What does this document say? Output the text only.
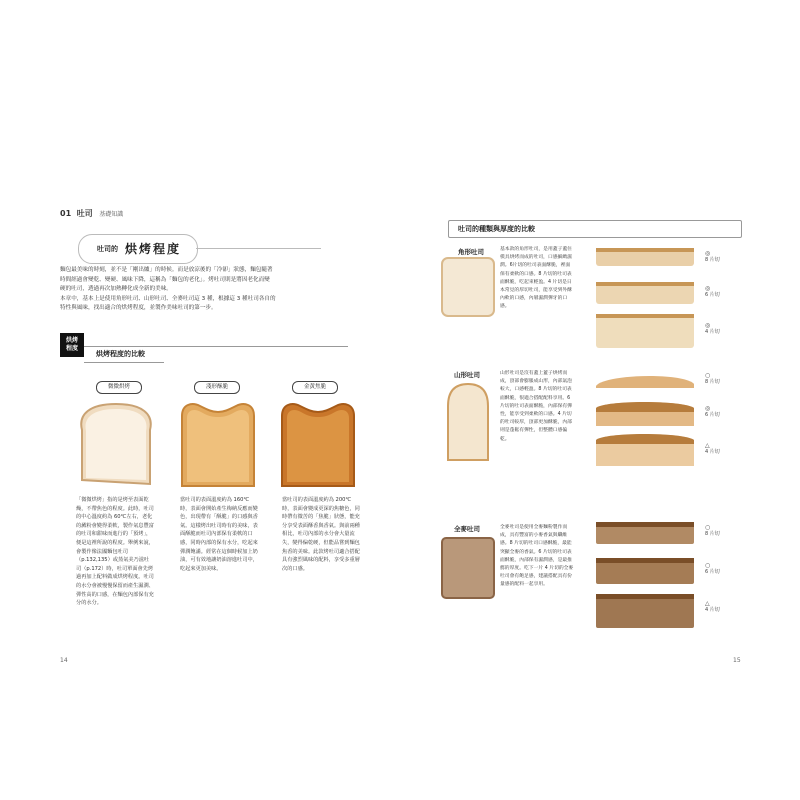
01 吐司 基礎知識
吐司的 烘烤程度
麵包最美味的時刻，並不是「剛出爐」的時候。而是放涼後的「冷卻」狀態，麵包隨著
時間經過會變乾、變硬、風味下降，這稱為「麵包的老化」。烤吐司則是將因老化而變
硬的吐司，透過再次加熱轉化成全新的美味。
本章中，基本上是使用角形吐司、山形吐司、全麥吐司這 3 種，根據這 3 種吐司各自的
特性與風味，找出適合的烘烤程度，並製作美味吐司的第一步。
烘烤程度
烘烤程度的比較
微微烘烤
「微微烘烤」指的是烤至表面乾燥，不帶焦色的程度。此時，吐司的中心溫度約為 60℃左右，老化的澱粉會變得柔軟，製作氣息豐富的吐司和甜味而進行的「預烤」，便是這裡所說的程度。舉例來說，會製作像法國麵包吐司（p.132,135）或蒸氣美乃滋吐司（p.172）時，吐司單面會先烤過再加上配料做成烘烤程度。吐司的水分會被慢慢保留而產生濕潤、彈性高的口感，在麵包內部保有充分的水分。
淺形酥脆
當吐司的表面溫度約為 160℃時，表面會開始產生梅納反應而變色，出現帶有「酥脆」的口感與香氣。這樣烤出吐司時有的美味，表面酥脆而吐司內部保有柔軟的口感，同時內部的保有水分，吃起來彈潤飽滿。經常在這個時候加上奶油，可有效地讓奶油溶進吐司中，吃起來更加美味。
金黃焦脆
當吐司的表面溫度約為 200℃時，表面會變成更深的焦糖色，同時帶有微苦的「焦脆」狀態，能充分享受表面酥香與香氣。與前兩種相比，吐司內部的水分會大量流失，變得偏乾硬，但能品嘗到麵包焦香的美味。此款烤吐司適合搭配具有強烈風味的配料，享受多重層次的口感。
14
吐司的種類與厚度的比較
角形吐司	基本款的角形吐司，是用蓋子蓋住模具烘烤而成的吐司，口感細緻濕潤。6片切的吐司表面酥脆，裡面保有柔軟的口感。8 片切的吐司表面酥脆，吃起來輕盈。4 片切是日本常見的厚切吐司，能享受到外酥內軟的口感，內層濕潤彈牙的口感。
◎
8 片切
◎
6 片切
◎
4 片切
山形吐司	山形吐司是沒有蓋上蓋子烘烤而成，頂部會膨脹成山形，內部氣泡較大，口感輕盈。8 片切的吐司表面酥脆，很適合搭配配料享用。6 片切的吐司表面酥脆，內部保有彈性，能享受到柔軟的口感。4 片切的吐司較厚，頂部更加酥脆，內部則是蓬鬆有彈性，但整體口感偏乾。
○
8 片切
◎
6 片切
△
4 片切
全麥吐司	全麥吐司是使用全麥麵粉製作而成，具有豐富的小麥香氣與纖維感。8 片切的吐司口感酥脆，最能突顯全麥的香氣。6 片切的吐司表面酥脆，內部保有濕潤感，是最推薦的厚度。吃下一片 4 片切的全麥吐司會有飽足感，建議搭配具有份量感的配料一起享用。
○
8 片切
○
6 片切
△
4 片切
15
